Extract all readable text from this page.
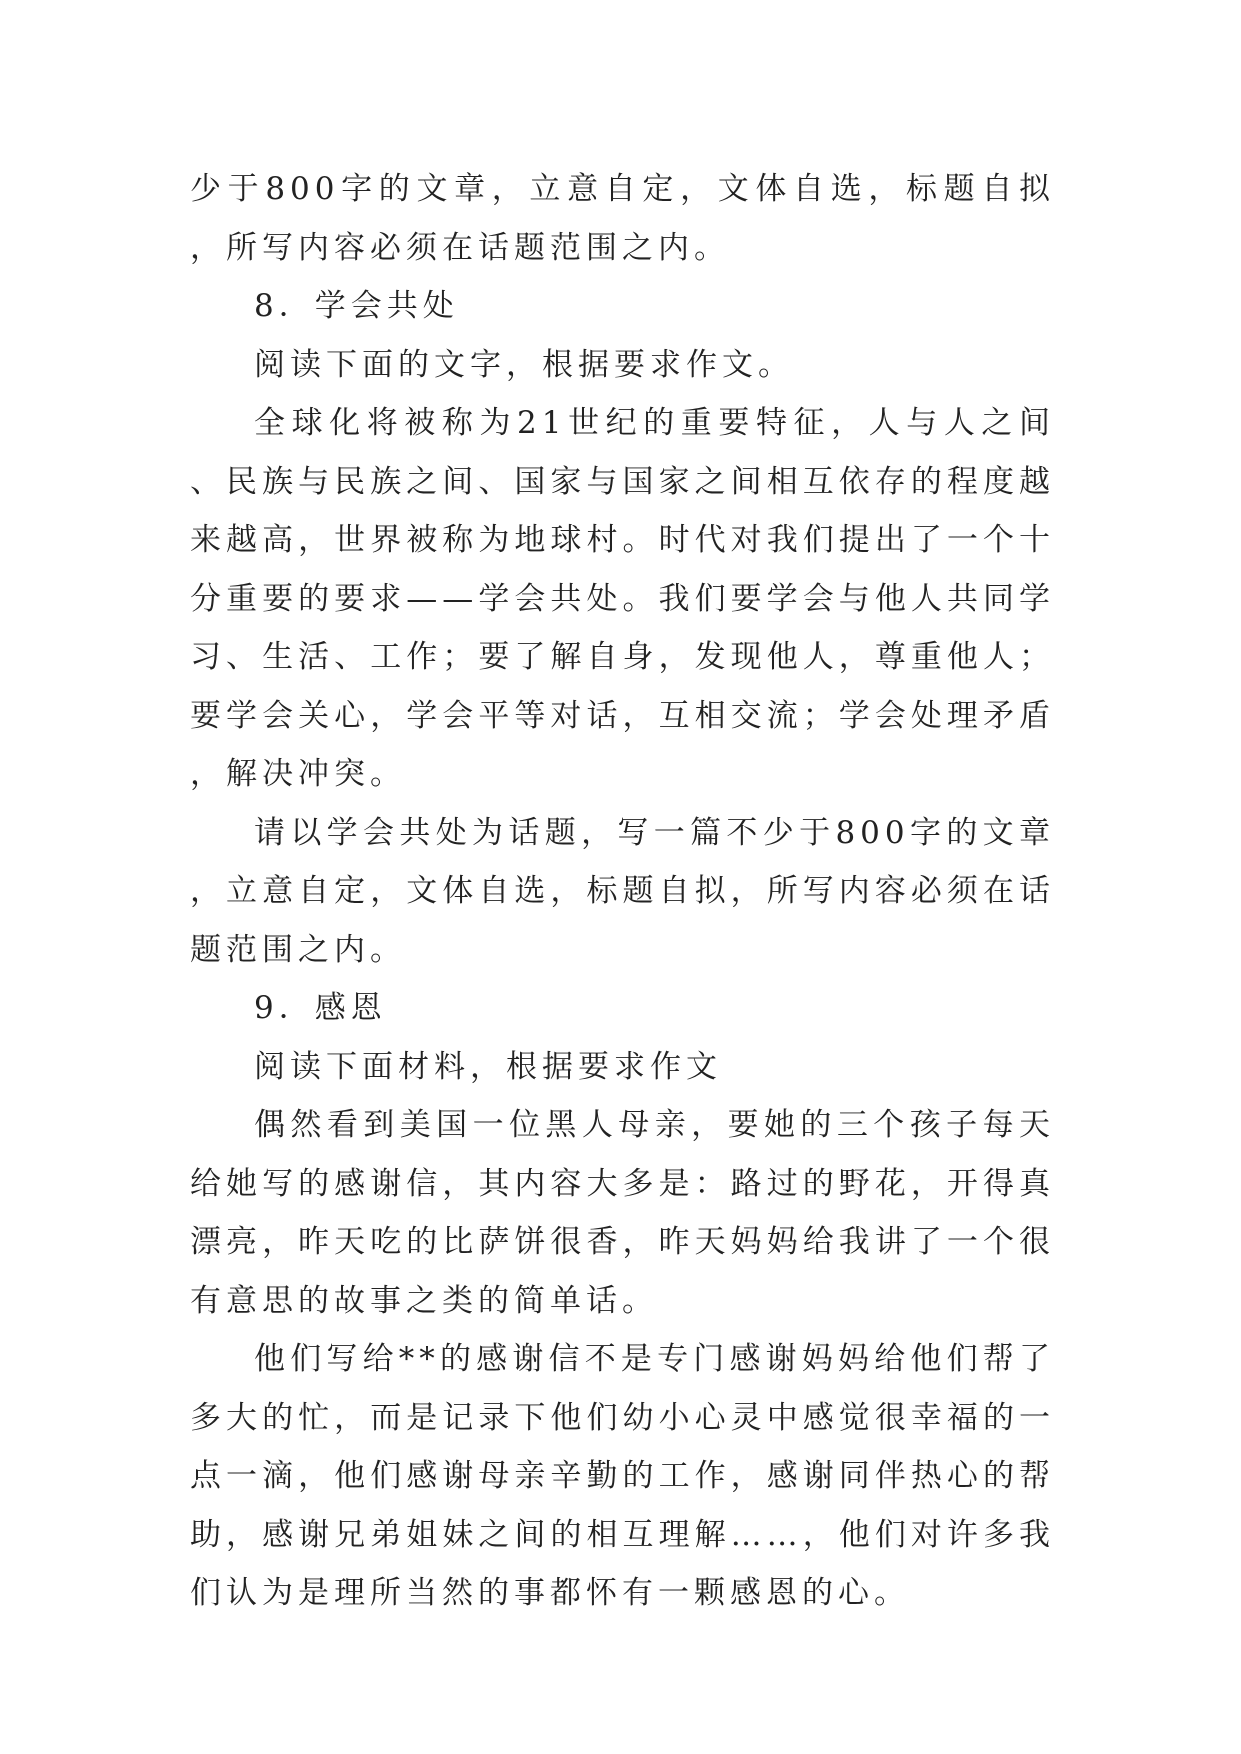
少于800字的文章，立意自定，文体自选，标题自拟，所写内容必须在话题范围之内。

8．学会共处

阅读下面的文字，根据要求作文。

全球化将被称为21世纪的重要特征，人与人之间、民族与民族之间、国家与国家之间相互依存的程度越来越高，世界被称为地球村。时代对我们提出了一个十分重要的要求——学会共处。我们要学会与他人共同学习、生活、工作；要了解自身，发现他人，尊重他人；要学会关心，学会平等对话，互相交流；学会处理矛盾，解决冲突。

请以学会共处为话题，写一篇不少于800字的文章，立意自定，文体自选，标题自拟，所写内容必须在话题范围之内。

9．感恩

阅读下面材料，根据要求作文

偶然看到美国一位黑人母亲，要她的三个孩子每天给她写的感谢信，其内容大多是：路过的野花，开得真漂亮，昨天吃的比萨饼很香，昨天妈妈给我讲了一个很有意思的故事之类的简单话。

他们写给**的感谢信不是专门感谢妈妈给他们帮了多大的忙，而是记录下他们幼小心灵中感觉很幸福的一点一滴，他们感谢母亲辛勤的工作，感谢同伴热心的帮助，感谢兄弟姐妹之间的相互理解……，他们对许多我们认为是理所当然的事都怀有一颗感恩的心。
